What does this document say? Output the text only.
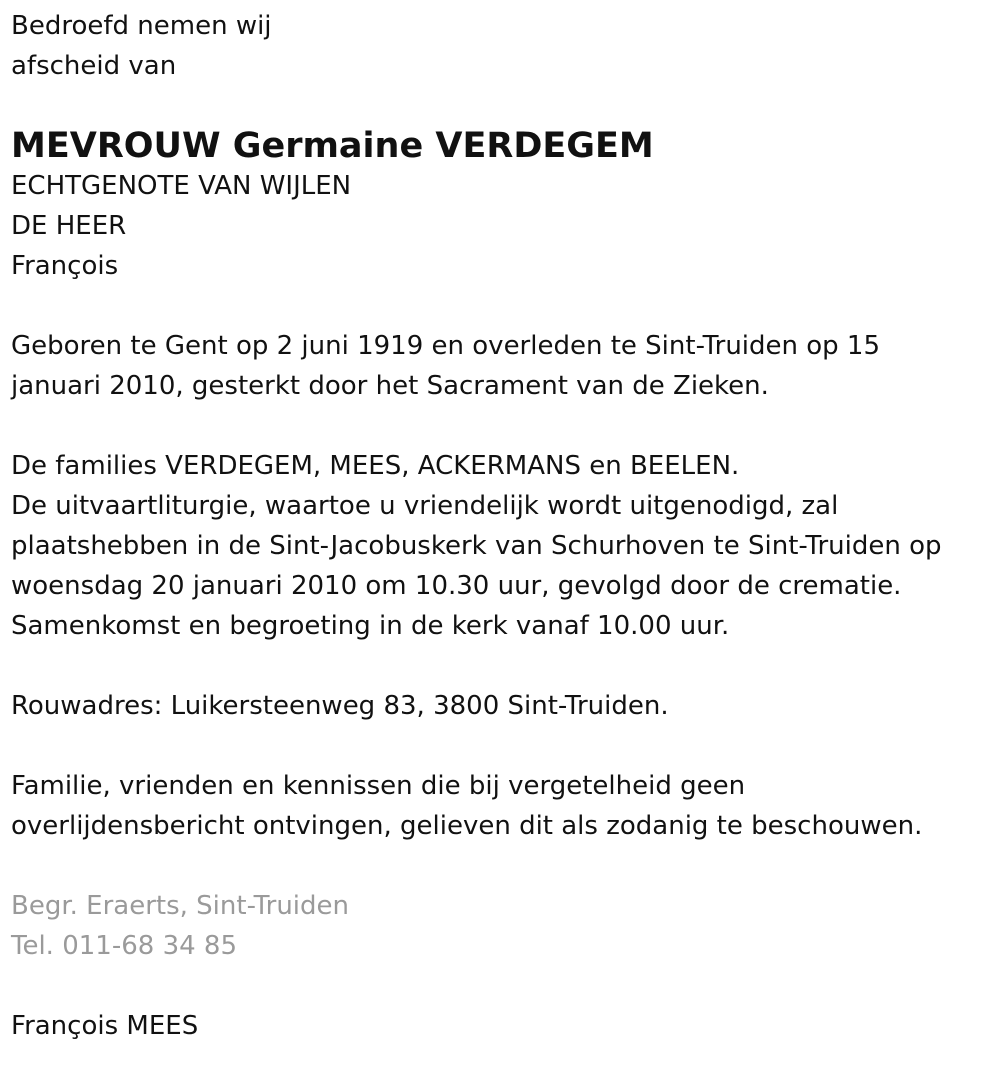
Bedroefd nemen wij
afscheid van
MEVROUW Germaine VERDEGEM
ECHTGENOTE VAN WIJLEN
DE HEER
François
Geboren te Gent op 2 juni 1919 en overleden te Sint-Truiden op 15
januari 2010, gesterkt door het Sacrament van de Zieken.
De families VERDEGEM, MEES, ACKERMANS en BEELEN.
De uitvaartliturgie, waartoe u vriendelijk wordt uitgenodigd, zal
plaatshebben in de Sint-Jacobuskerk van Schurhoven te Sint-Truiden op
woensdag 20 januari 2010 om 10.30 uur, gevolgd door de crematie.
Samenkomst en begroeting in de kerk vanaf 10.00 uur.
Rouwadres: Luikersteenweg 83, 3800 Sint-Truiden.
Familie, vrienden en kennissen die bij vergetelheid geen
overlijdensbericht ontvingen, gelieven dit als zodanig te beschouwen.
Begr. Eraerts, Sint-Truiden
Tel. 011-68 34 85
François MEES
